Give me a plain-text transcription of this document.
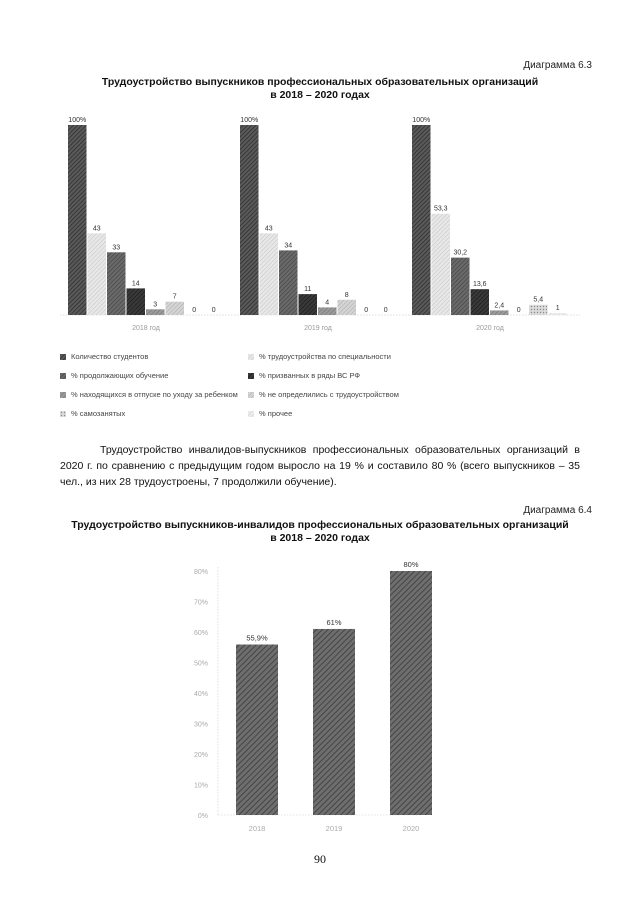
Диаграмма 6.3
Трудоустройство выпускников профессиональных образовательных организаций
в 2018 – 2020 годах
100%
43
33
14
3
7
0 0
2018 год
100%
43
34
11
4
8
0 0
2019 год
100%
53,3
30,2
13,6
2,4
0
5,4
1
2020 год
Количество студентов	% трудоустройства по специальности
% продолжающих обучение	% призванных в ряды ВС РФ
% находящихся в отпуске по уходу за ребенком	% не определились с трудоустройством
% самозанятых	% прочее

Трудоустройство инвалидов-выпускников профессиональных образовательных организаций в 2020 г. по сравнению с предыдущим годом выросло на 19 % и составило 80 % (всего выпускников – 35 чел., из них 28 трудоустроены, 7 продолжили обучение).

Диаграмма 6.4
Трудоустройство выпускников-инвалидов профессиональных образовательных организаций
в 2018 – 2020 годах
0%
10%
20%
30%
40%
50%
60%
70%
80%
55,9%
2018
61%
2019
80%
2020
90
